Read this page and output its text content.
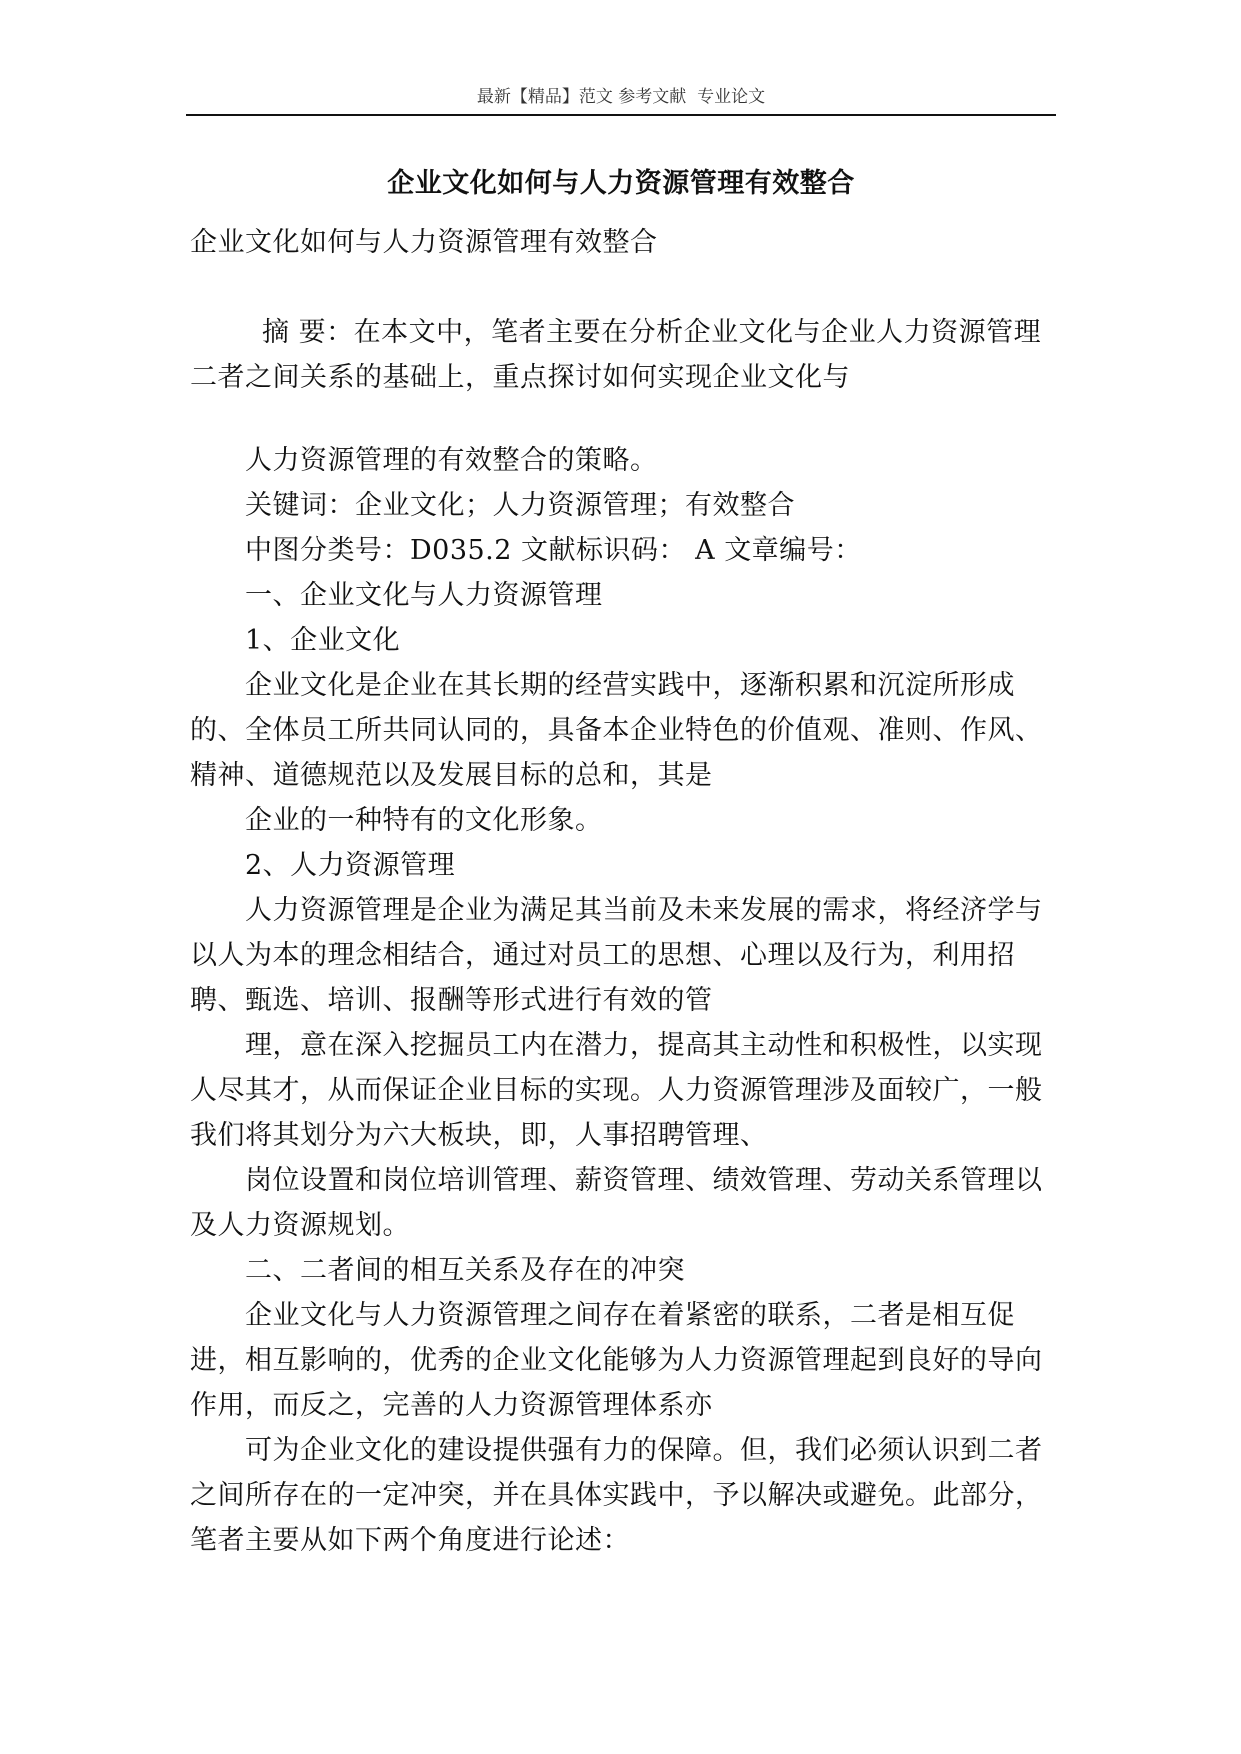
最新【精品】范文 参考文献  专业论文
企业文化如何与人力资源管理有效整合

企业文化如何与人力资源管理有效整合

摘 要：在本文中，笔者主要在分析企业文化与企业人力资源管理二者之间关系的基础上，重点探讨如何实现企业文化与

人力资源管理的有效整合的策略。

关键词：企业文化；人力资源管理；有效整合

中图分类号：D035.2 文献标识码： A 文章编号：

一、企业文化与人力资源管理

1、企业文化

企业文化是企业在其长期的经营实践中，逐渐积累和沉淀所形成的、全体员工所共同认同的，具备本企业特色的价值观、准则、作风、精神、道德规范以及发展目标的总和，其是

企业的一种特有的文化形象。

2、人力资源管理

人力资源管理是企业为满足其当前及未来发展的需求，将经济学与以人为本的理念相结合，通过对员工的思想、心理以及行为，利用招聘、甄选、培训、报酬等形式进行有效的管

理，意在深入挖掘员工内在潜力，提高其主动性和积极性，以实现人尽其才，从而保证企业目标的实现。人力资源管理涉及面较广，一般我们将其划分为六大板块，即，人事招聘管理、

岗位设置和岗位培训管理、薪资管理、绩效管理、劳动关系管理以及人力资源规划。

二、二者间的相互关系及存在的冲突

企业文化与人力资源管理之间存在着紧密的联系，二者是相互促进，相互影响的，优秀的企业文化能够为人力资源管理起到良好的导向作用，而反之，完善的人力资源管理体系亦

可为企业文化的建设提供强有力的保障。但，我们必须认识到二者之间所存在的一定冲突，并在具体实践中，予以解决或避免。此部分，笔者主要从如下两个角度进行论述：
